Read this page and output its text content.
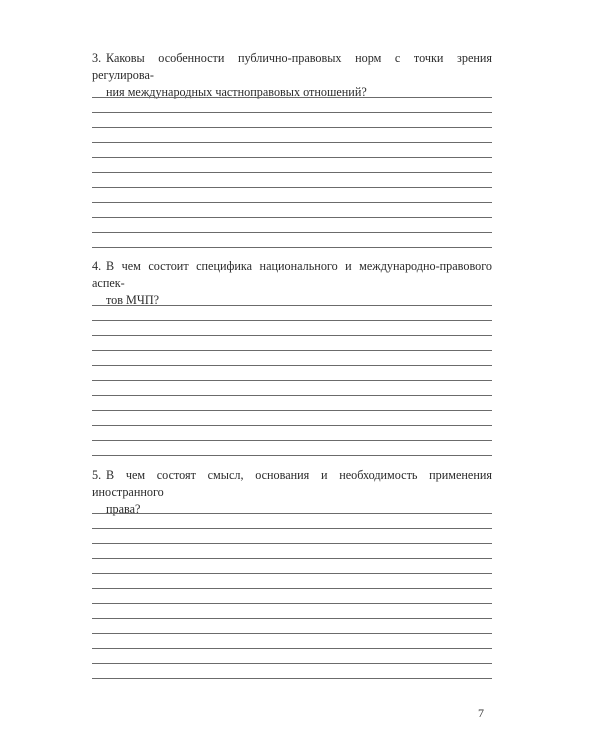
3. Каковы особенности публично-правовых норм с точки зрения регулирова-
ния международных частноправовых отношений?

4. В чем состоит специфика национального и международно-правового аспек-
тов МЧП?

5. В чем состоят смысл, основания и необходимость применения иностранного
права?

7
